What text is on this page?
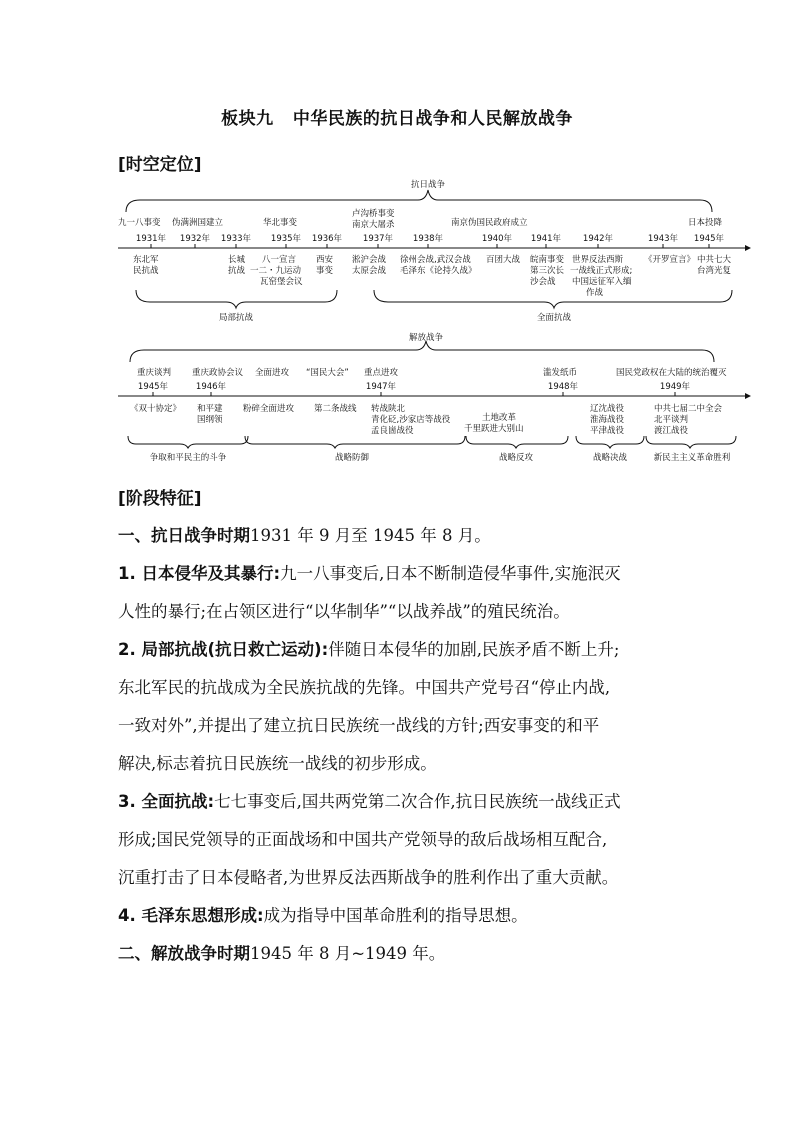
板块九 中华民族的抗日战争和人民解放战争
[时空定位]
抗日战争
九一八事变 伪满洲国建立	华北事变
卢沟桥事变
南京大屠杀	南京伪国民政府成立	日本投降
1931年 1932年 1933年 1935年 1936年 1937年 1938年	1940年 1941年	1942年	1943年 1945年
东北军
民抗战
长城
抗战
八一宣言
一二・九运动
瓦窑堡会议
西安
事变
淞沪会战
太原会战
徐州会战,武汉会战
毛泽东《论持久战》
百团大战 皖南事变
第三次长
沙会战
世界反法西斯
一战线正式形成;
中国远征军入缅
作战
《开罗宣言》 中共七大
台湾光复
局部抗战	全面抗战
解放战争
重庆谈判 重庆政协会议 全面进攻 “国民大会” 重点进攻	滥发纸币	国民党政权在大陆的统治覆灭
1945年	1946年	1947年	1948年	1949年
《双十协定》 和平建
国纲领
粉碎全面进攻 第二条战线 转战陕北
青化砭,沙家店等战役
孟良崮战役
土地改革
千里跃进大别山
辽沈战役
淮海战役
平津战役
中共七届二中全会
北平谈判
渡江战役
争取和平民主的斗争	战略防御	战略反攻	战略决战	新民主主义革命胜利
[阶段特征]
一、抗日战争时期1931 年 9 月至 1945 年 8 月。
1. 日本侵华及其暴行:九一八事变后,日本不断制造侵华事件,实施泯灭
人性的暴行;在占领区进行“以华制华”“以战养战”的殖民统治。
2. 局部抗战(抗日救亡运动):伴随日本侵华的加剧,民族矛盾不断上升;
东北军民的抗战成为全民族抗战的先锋。中国共产党号召“停止内战,
一致对外”,并提出了建立抗日民族统一战线的方针;西安事变的和平
解决,标志着抗日民族统一战线的初步形成。
3. 全面抗战:七七事变后,国共两党第二次合作,抗日民族统一战线正式
形成;国民党领导的正面战场和中国共产党领导的敌后战场相互配合,
沉重打击了日本侵略者,为世界反法西斯战争的胜利作出了重大贡献。
4. 毛泽东思想形成:成为指导中国革命胜利的指导思想。
二、解放战争时期1945 年 8 月~1949 年。
